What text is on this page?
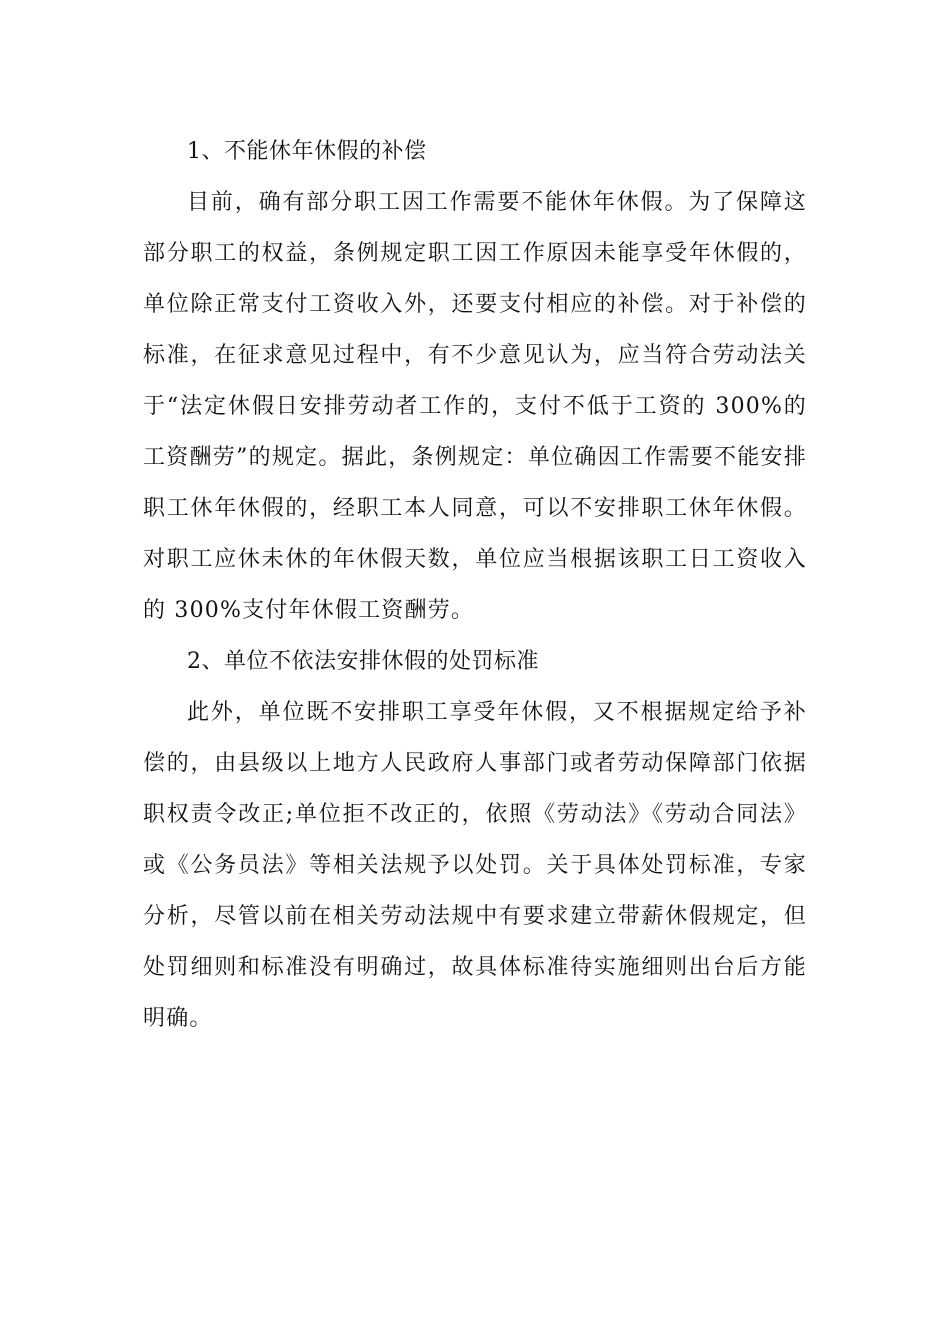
1、不能休年休假的补偿

目前，确有部分职工因工作需要不能休年休假。为了保障这部分职工的权益，条例规定职工因工作原因未能享受年休假的，单位除正常支付工资收入外，还要支付相应的补偿。对于补偿的标准，在征求意见过程中，有不少意见认为，应当符合劳动法关于“法定休假日安排劳动者工作的，支付不低于工资的 300%的工资酬劳”的规定。据此，条例规定：单位确因工作需要不能安排职工休年休假的，经职工本人同意，可以不安排职工休年休假。对职工应休未休的年休假天数，单位应当根据该职工日工资收入的 300%支付年休假工资酬劳。

2、单位不依法安排休假的处罚标准

此外，单位既不安排职工享受年休假，又不根据规定给予补偿的，由县级以上地方人民政府人事部门或者劳动保障部门依据职权责令改正;单位拒不改正的，依照《劳动法》《劳动合同法》或《公务员法》等相关法规予以处罚。关于具体处罚标准，专家分析，尽管以前在相关劳动法规中有要求建立带薪休假规定，但处罚细则和标准没有明确过，故具体标准待实施细则出台后方能明确。
